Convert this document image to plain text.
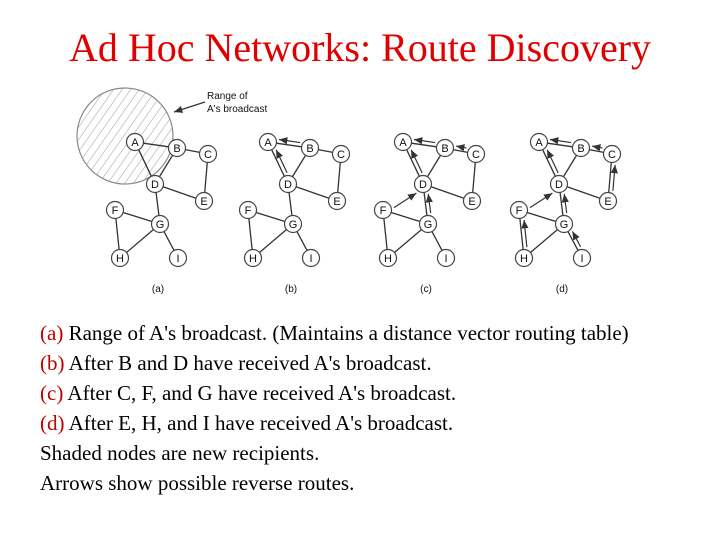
Ad Hoc Networks: Route Discovery
Range of
A's broadcast
A	B C
D
E
F
G
H	I
(a)
A	B C
D
E
F
G
H	I
(b)
A	B C
D
E
F
G
H	I
(c)
A	B C
D
E
F
G
H	I
(d)

(a) Range of A's broadcast. (Maintains a distance vector routing table)

(b) After B and D have received A's broadcast.

(c) After C, F, and G have received A's broadcast.

(d) After E, H, and I have received A's broadcast.

Shaded nodes are new recipients.

Arrows show possible reverse routes.
